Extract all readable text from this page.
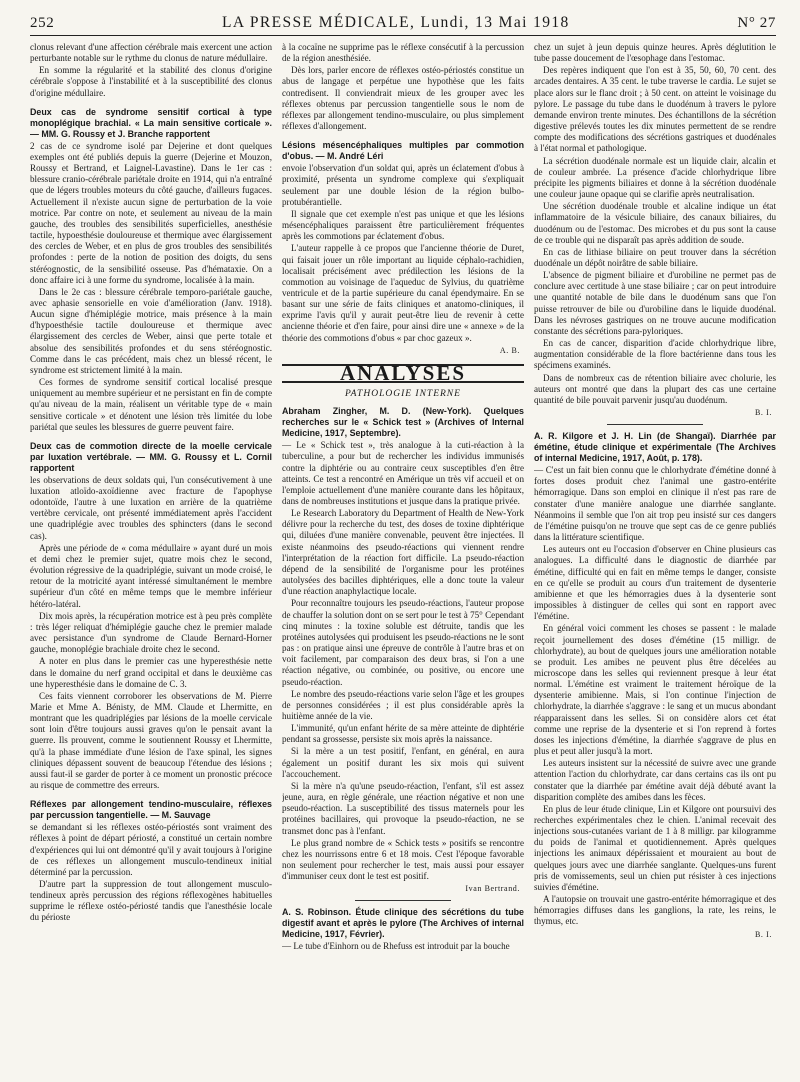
252	LA PRESSE MÉDICALE, Lundi, 13 Mai 1918	N° 27

clonus relevant d'une affection cérébrale mais exercent une action perturbante notable sur le rythme du clonus de nature médullaire.

En somme la régularité et la stabilité des clonus d'origine cérébrale s'oppose à l'instabilité et à la susceptibilité des clonus d'origine médullaire.

Deux cas de syndrome sensitif cortical à type monoplégique brachial. « La main sensitive corticale ». — MM. G. Roussy et J. Branche rapportent

2 cas de ce syndrome isolé par Dejerine et dont quelques exemples ont été publiés depuis la guerre (Dejerine et Mouzon, Roussy et Bertrand, et Laignel-Lavastine). Dans le 1er cas : blessure cranio-cérébrale pariétale droite en 1914, qui n'a entraîné que de légers troubles moteurs du côté gauche, d'ailleurs fugaces. Actuellement il n'existe aucun signe de perturbation de la voie motrice. Par contre on note, et seulement au niveau de la main gauche, des troubles des sensibilités superficielles, anesthésie tactile, hypoesthésie douloureuse et thermique avec élargissement des cercles de Weber, et en plus de gros troubles des sensibilités profondes : perte de la notion de position des doigts, du sens stéréognostic, de la sensibilité osseuse. Pas d'hémataxie. On a donc affaire ici à une forme du syndrome, localisée à la main.

Dans le 2e cas : blessure cérébrale temporo-pariétale gauche, avec aphasie sensorielle en voie d'amélioration (Janv. 1918). Aucun signe d'hémiplégie motrice, mais présence à la main d'hypoesthésie tactile douloureuse et thermique avec élargissement des cercles de Weber, ainsi que perte totale et absolue des sensibilités profondes et du sens stéréognostic. Comme dans le cas précédent, mais chez un blessé récent, le syndrome est strictement limité à la main.

Ces formes de syndrome sensitif cortical localisé presque uniquement au membre supérieur et ne persistant en fin de compte qu'au niveau de la main, réalisent un véritable type de « main sensitive corticale » et dénotent une lésion très limitée du lobe pariétal que seules les blessures de guerre peuvent faire.

Deux cas de commotion directe de la moelle cervicale par luxation vertébrale. — MM. G. Roussy et L. Cornil rapportent

les observations de deux soldats qui, l'un consécutivement à une luxation atloïdo-axoïdienne avec fracture de l'apophyse odontoïde, l'autre à une luxation en arrière de la quatrième vertèbre cervicale, ont présenté immédiatement après l'accident une quadriplégie avec troubles des sphincters (dans le second cas).

Après une période de « coma médullaire » ayant duré un mois et demi chez le premier sujet, quatre mois chez le second, évolution régressive de la quadriplégie, suivant un mode croisé, le retour de la motricité ayant intéressé simultanément le membre supérieur d'un côté en même temps que le membre inférieur hétéro-latéral.

Dix mois après, la récupération motrice est à peu près complète : très léger reliquat d'hémiplégie gauche chez le premier malade avec persistance d'un syndrome de Claude Bernard-Horner gauche, monoplégie brachiale droite chez le second.

A noter en plus dans le premier cas une hyperesthésie nette dans le domaine du nerf grand occipital et dans le deuxième cas une hyperesthésie dans le domaine de C. 3.

Ces faits viennent corroborer les observations de M. Pierre Marie et Mme A. Bénisty, de MM. Claude et Lhermitte, en montrant que les quadriplégies par lésions de la moelle cervicale sont loin d'être toujours aussi graves qu'on le pensait avant la guerre. Ils prouvent, comme le soutiennent Roussy et Lhermitte, qu'à la phase immédiate d'une lésion de l'axe spinal, les signes cliniques dépassent souvent de beaucoup l'étendue des lésions ; aussi faut-il se garder de porter à ce moment un pronostic précoce au risque de commettre des erreurs.

Réflexes par allongement tendino-musculaire, réflexes par percussion tangentielle. — M. Sauvage

se demandant si les réflexes ostéo-périostés sont vraiment des réflexes à point de départ périosté, a constitué un certain nombre d'expériences qui lui ont démontré qu'il y avait toujours à l'origine de ces réflexes un allongement musculo-tendineux initial déterminé par la percussion.

D'autre part la suppression de tout allongement musculo-tendineux après percussion des régions réflexogènes habituelles supprime le réflexe ostéo-périosté tandis que l'anesthésie locale du périoste

à la cocaïne ne supprime pas le réflexe consécutif à la percussion de la région anesthésiée.

Dès lors, parler encore de réflexes ostéo-périostés constitue un abus de langage et perpétue une hypothèse que les faits contredisent. Il conviendrait mieux de les grouper avec les réflexes obtenus par percussion tangentielle sous le nom de réflexes par allongement tendino-musculaire, ou plus simplement réflexes d'allongement.

Lésions mésencéphaliques multiples par commotion d'obus. — M. André Léri

envoie l'observation d'un soldat qui, après un éclatement d'obus à proximité, présenta un syndrome complexe qui s'expliquait seulement par une double lésion de la région bulbo-protubérantielle.

Il signale que cet exemple n'est pas unique et que les lésions mésencéphaliques paraissent être particulièrement fréquentes après les commotions par éclatement d'obus.

L'auteur rappelle à ce propos que l'ancienne théorie de Duret, qui faisait jouer un rôle important au liquide céphalo-rachidien, localisait précisément avec prédilection les lésions de la commotion au voisinage de l'aqueduc de Sylvius, du quatrième ventricule et de la partie supérieure du canal épendymaire. En se basant sur une série de faits cliniques et anatomo-cliniques, il exprime l'avis qu'il y aurait peut-être lieu de revenir à cette ancienne théorie et d'en faire, pour ainsi dire une « annexe » de la théorie des commotions d'obus « par choc gazeux ».

A. B.
ANALYSES
PATHOLOGIE INTERNE
Abraham Zingher, M. D. (New-York). Quelques recherches sur le « Schick test » (Archives of Internal Medicine, 1917, Septembre).

— Le « Schick test », très analogue à la cuti-réaction à la tuberculine, a pour but de rechercher les individus immunisés contre la diphtérie ou au contraire ceux susceptibles d'en être atteints. Ce test a rencontré en Amérique un très vif accueil et on l'emploie actuellement d'une manière courante dans les hôpitaux, dans de nombreuses institutions et jusque dans la pratique privée.

Le Research Laboratory du Department of Health de New-York délivre pour la recherche du test, des doses de toxine diphtérique qui, diluées d'une manière convenable, peuvent être injectées. Il existe néanmoins des pseudo-réactions qui viennent rendre l'interprétation de la réaction fort difficile. La pseudo-réaction dépend de la sensibilité de l'organisme pour les protéines autolysées des bacilles diphtériques, elle a donc toute la valeur d'une réaction anaphylactique locale.

Pour reconnaître toujours les pseudo-réactions, l'auteur propose de chauffer la solution dont on se sert pour le test à 75° Cependant cinq minutes : la toxine soluble est détruite, tandis que les protéines autolysées qui produisent les pseudo-réactions ne le sont pas : on pratique ainsi une épreuve de contrôle à l'autre bras et on voit facilement, par comparaison des deux bras, si l'on a une réaction négative, ou combinée, ou positive, ou encore une pseudo-réaction.

Le nombre des pseudo-réactions varie selon l'âge et les groupes de personnes considérées ; il est plus considérable après la huitième année de la vie.

L'immunité, qu'un enfant hérite de sa mère atteinte de diphtérie pendant sa grossesse, persiste six mois après la naissance.

Si la mère a un test positif, l'enfant, en général, en aura également un positif durant les six mois qui suivent l'accouchement.

Si la mère n'a qu'une pseudo-réaction, l'enfant, s'il est assez jeune, aura, en règle générale, une réaction négative et non une pseudo-réaction. La susceptibilité des tissus maternels pour les protéines bacillaires, qui provoque la pseudo-réaction, ne se transmet donc pas à l'enfant.

Le plus grand nombre de « Schick tests » positifs se rencontre chez les nourrissons entre 6 et 18 mois. C'est l'époque favorable non seulement pour rechercher le test, mais aussi pour essayer d'immuniser ceux dont le test est positif.

Ivan Bertrand.
A. S. Robinson. Étude clinique des sécrétions du tube digestif avant et après le pylore (The Archives of internal Medicine, 1917, Février).

— Le tube d'Einhorn ou de Rhefuss est introduit par la bouche

chez un sujet à jeun depuis quinze heures. Après déglutition le tube passe doucement de l'œsophage dans l'estomac.

Des repères indiquent que l'on est à 35, 50, 60, 70 cent. des arcades dentaires. A 35 cent. le tube traverse le cardia. Le sujet se place alors sur le flanc droit ; à 50 cent. on atteint le voisinage du pylore. Le passage du tube dans le duodénum à travers le pylore demande environ trente minutes. Des échantillons de la sécrétion digestive prélevés toutes les dix minutes permettent de se rendre compte des modifications des sécrétions gastriques et duodénales à l'état normal et pathologique.

La sécrétion duodénale normale est un liquide clair, alcalin et de couleur ambrée. La présence d'acide chlorhydrique libre précipite les pigments biliaires et donne à la sécrétion duodénale une couleur jaune opaque qui se clarifie après neutralisation.

Une sécrétion duodénale trouble et alcaline indique un état inflammatoire de la vésicule biliaire, des canaux biliaires, du duodénum ou de l'estomac. Des microbes et du pus sont la cause de ce trouble qui ne disparaît pas après addition de soude.

En cas de lithiase biliaire on peut trouver dans la sécrétion duodénale un dépôt noirâtre de sable biliaire.

L'absence de pigment biliaire et d'urobiline ne permet pas de conclure avec certitude à une stase biliaire ; car on peut introduire une quantité notable de bile dans le duodénum sans que l'on puisse retrouver de bile ou d'urobiline dans le liquide duodénal. Dans les névroses gastriques on ne trouve aucune modification constante des sécrétions para-pyloriques.

En cas de cancer, disparition d'acide chlorhydrique libre, augmentation considérable de la flore bactérienne dans tous les spécimens examinés.

Dans de nombreux cas de rétention biliaire avec cholurie, les auteurs ont montré que dans la plupart des cas une certaine quantité de bile pouvait parvenir jusqu'au duodénum.

B. I.
A. R. Kilgore et J. H. Lin (de Shangaï). Diarrhée par émétine, étude clinique et expérimentale (The Archives of internal Medicine, 1917, Août, p. 178).

— C'est un fait bien connu que le chlorhydrate d'émétine donné à fortes doses produit chez l'animal une gastro-entérite hémorragique. Dans son emploi en clinique il n'est pas rare de constater d'une manière analogue une diarrhée sanglante. Néanmoins il semble que l'on ait trop peu insisté sur ces dangers de l'émétine puisqu'on ne trouve que sept cas de ce genre publiés dans la littérature scientifique.

Les auteurs ont eu l'occasion d'observer en Chine plusieurs cas analogues. La difficulté dans le diagnostic de diarrhée par émétine, difficulté qui en fait en même temps le danger, consiste en ce qu'elle se produit au cours d'un traitement de dysenterie amibienne et que les hémorragies dues à la dysenterie sont impossibles à distinguer de celles qui sont en rapport avec l'émétine.

En général voici comment les choses se passent : le malade reçoit journellement des doses d'émétine (15 milligr. de chlorhydrate), au bout de quelques jours une amélioration notable se produit. Les amibes ne peuvent plus être décelées au microscope dans les selles qui reviennent presque à leur état normal. L'émétine est vraiment le traitement héroïque de la dysenterie amibienne. Mais, si l'on continue l'injection de chlorhydrate, la diarrhée s'aggrave : le sang et un mucus abondant réapparaissent dans les selles. Si on considère alors cet état comme une reprise de la dysenterie et si l'on reprend à fortes doses les injections d'émétine, la diarrhée s'aggrave de plus en plus et peut aller jusqu'à la mort.

Les auteurs insistent sur la nécessité de suivre avec une grande attention l'action du chlorhydrate, car dans certains cas ils ont pu constater que la diarrhée par émétine avait déjà débuté avant la disparition complète des amibes dans les fèces.

En plus de leur étude clinique, Lin et Kilgore ont poursuivi des recherches expérimentales chez le chien. L'animal recevait des injections sous-cutanées variant de 1 à 8 milligr. par kilogramme du poids de l'animal et quotidiennement. Après quelques injections les animaux dépérissaient et mouraient au bout de quelques jours avec une diarrhée sanglante. Quelques-uns furent pris de vomissements, seul un chien put résister à ces injections suivies d'émétine.

A l'autopsie on trouvait une gastro-entérite hémorragique et des hémorragies diffuses dans les ganglions, la rate, les reins, le thymus, etc.

B. I.
